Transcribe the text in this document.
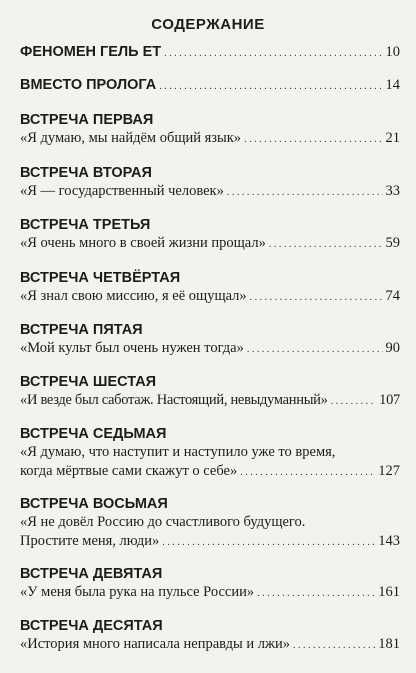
СОДЕРЖАНИЕ
ФЕНОМЕН ГЕЛЬ ЕТ . . .	10
ВМЕСТО ПРОЛОГА . . .	14
ВСТРЕЧА ПЕРВАЯ
«Я думаю, мы найдём общий язык» . . .	21
ВСТРЕЧА ВТОРАЯ
«Я — государственный человек» . . .	33
ВСТРЕЧА ТРЕТЬЯ
«Я очень много в своей жизни прощал» . . .	59
ВСТРЕЧА ЧЕТВЁРТАЯ
«Я знал свою миссию, я её ощущал» . . .	74
ВСТРЕЧА ПЯТАЯ
«Мой культ был очень нужен тогда» . . .	90
ВСТРЕЧА ШЕСТАЯ
«И везде был саботаж. Настоящий, невыдуманный» . . .	107
ВСТРЕЧА СЕДЬМАЯ
«Я думаю, что наступит и наступило уже то время,
когда мёртвые сами скажут о себе» . . .	127
ВСТРЕЧА ВОСЬМАЯ
«Я не довёл Россию до счастливого будущего.
Простите меня, люди» . . .	143
ВСТРЕЧА ДЕВЯТАЯ
«У меня была рука на пульсе России» . . .	161
ВСТРЕЧА ДЕСЯТАЯ
«История много написала неправды и лжи» . . .	181
